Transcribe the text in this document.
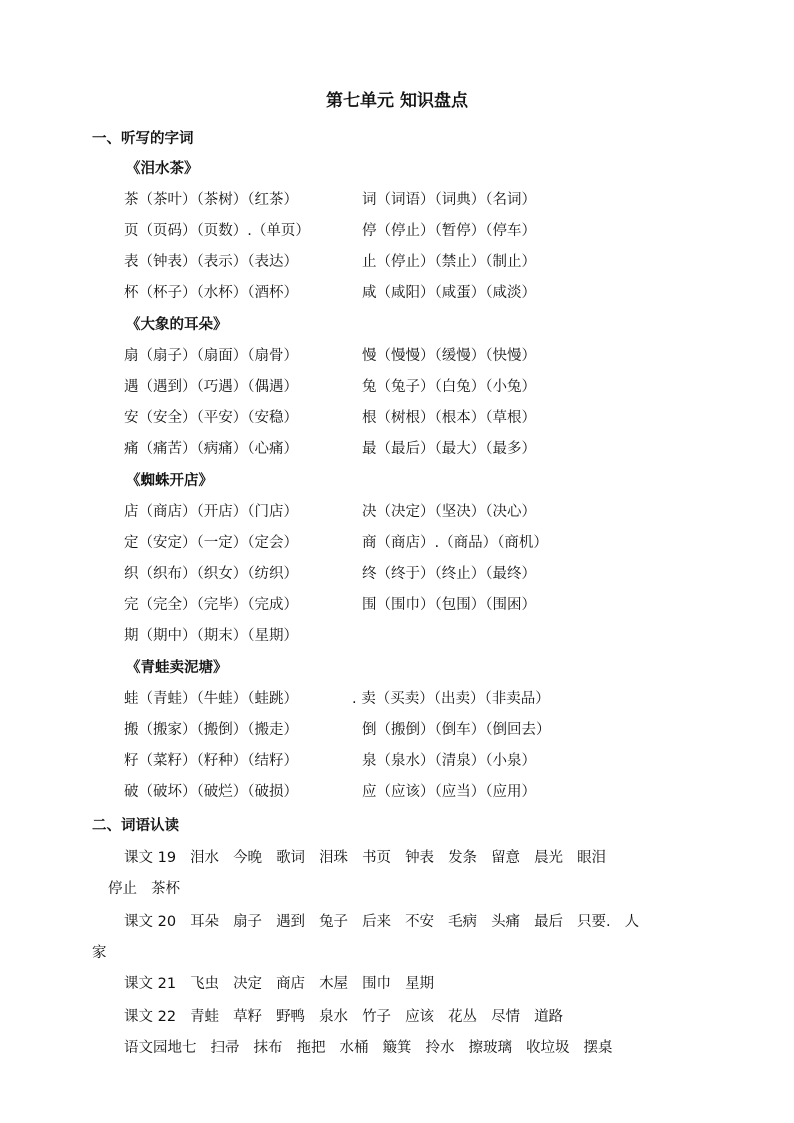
第七单元 知识盘点
一、听写的字词
《泪水茶》
茶（茶叶）（茶树）（红茶）
页（页码）（页数）.（单页）
表（钟表）（表示）（表达）
杯（杯子）（水杯）（酒杯）
词（词语）（词典）（名词）
停（停止）（暂停）（停车）
止（停止）（禁止）（制止）
咸（咸阳）（咸蛋）（咸淡）
《大象的耳朵》
扇（扇子）（扇面）（扇骨）
遇（遇到）（巧遇）（偶遇）
安（安全）（平安）（安稳）
痛（痛苦）（病痛）（心痛）
慢（慢慢）（缓慢）（快慢）
兔（兔子）（白兔）（小兔）
根（树根）（根本）（草根）
最（最后）（最大）（最多）
《蜘蛛开店》
店（商店）（开店）（门店）
定（安定）（一定）（定会）
织（织布）（织女）（纺织）
完（完全）（完毕）（完成）
期（期中）（期末）（星期）
决（决定）（坚决）（决心）
商（商店）.（商品）（商机）
终（终于）（终止）（最终）
围（围巾）（包围）（围困）
《青蛙卖泥塘》
蛙（青蛙）（牛蛙）（蛙跳）
搬（搬家）（搬倒）（搬走）
籽（菜籽）（籽种）（结籽）
破（破坏）（破烂）（破损）
. 卖（买卖）（出卖）（非卖品）
倒（搬倒）（倒车）（倒回去）
泉（泉水）（清泉）（小泉）
应（应该）（应当）（应用）
二、词语认读
课文 19 泪水 今晚 歌词 泪珠 书页 钟表 发条 留意 晨光 眼泪
停止 茶杯
课文 20 耳朵 扇子 遇到 兔子 后来 不安 毛病 头痛 最后 只要. 人
家
课文 21 飞虫 决定 商店 木屋 围巾 星期
课文 22 青蛙 草籽 野鸭 泉水 竹子 应该 花丛 尽情 道路
语文园地七 扫帚 抹布 拖把 水桶 簸箕 拎水 擦玻璃 收垃圾 摆桌
